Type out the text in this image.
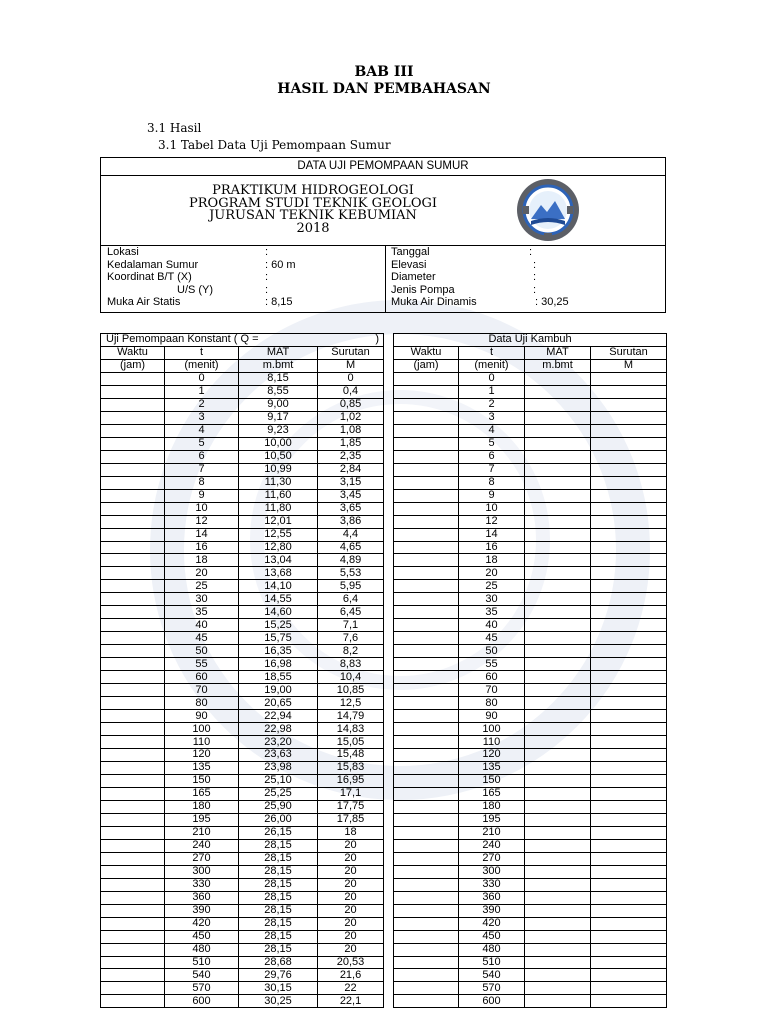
BAB III
HASIL DAN PEMBAHASAN
3.1 Hasil
3.1 Tabel Data Uji Pemompaan Sumur
DATA UJI PEMOMPAAN SUMUR
PRAKTIKUM HIDROGEOLOGI
PROGRAM STUDI TEKNIK GEOLOGI
JURUSAN TEKNIK KEBUMIAN
2018
Lokasi	:
Kedalaman Sumur	: 60 m
Koordinat B/T (X)	:
U/S (Y)	:
Muka Air Statis	: 8,15
Tanggal	:
Elevasi	:
Diameter	:
Jenis Pompa	:
Muka Air Dinamis	: 30,25
Uji Pemompaan Konstant ( Q =			)
Waktu	t	MAT	Surutan
(jam)	(menit)	m.bmt	M
	0	8,15	0
	1	8,55	0,4
	2	9,00	0,85
	3	9,17	1,02
	4	9,23	1,08
	5	10,00	1,85
	6	10,50	2,35
	7	10,99	2,84
	8	11,30	3,15
	9	11,60	3,45
	10	11,80	3,65
	12	12,01	3,86
	14	12,55	4,4
	16	12,80	4,65
	18	13,04	4,89
	20	13,68	5,53
	25	14,10	5,95
	30	14,55	6,4
	35	14,60	6,45
	40	15,25	7,1
	45	15,75	7,6
	50	16,35	8,2
	55	16,98	8,83
	60	18,55	10,4
	70	19,00	10,85
	80	20,65	12,5
	90	22,94	14,79
	100	22,98	14,83
	110	23,20	15,05
	120	23,63	15,48
	135	23,98	15,83
	150	25,10	16,95
	165	25,25	17,1
	180	25,90	17,75
	195	26,00	17,85
	210	26,15	18
	240	28,15	20
	270	28,15	20
	300	28,15	20
	330	28,15	20
	360	28,15	20
	390	28,15	20
	420	28,15	20
	450	28,15	20
	480	28,15	20
	510	28,68	20,53
	540	29,76	21,6
	570	30,15	22
	600	30,25	22,1
Data Uji Kambuh			
Waktu	t	MAT	Surutan
(jam)	(menit)	m.bmt	M
	0		
	1		
	2		
	3		
	4		
	5		
	6		
	7		
	8		
	9		
	10		
	12		
	14		
	16		
	18		
	20		
	25		
	30		
	35		
	40		
	45		
	50		
	55		
	60		
	70		
	80		
	90		
	100		
	110		
	120		
	135		
	150		
	165		
	180		
	195		
	210		
	240		
	270		
	300		
	330		
	360		
	390		
	420		
	450		
	480		
	510		
	540		
	570		
	600		
